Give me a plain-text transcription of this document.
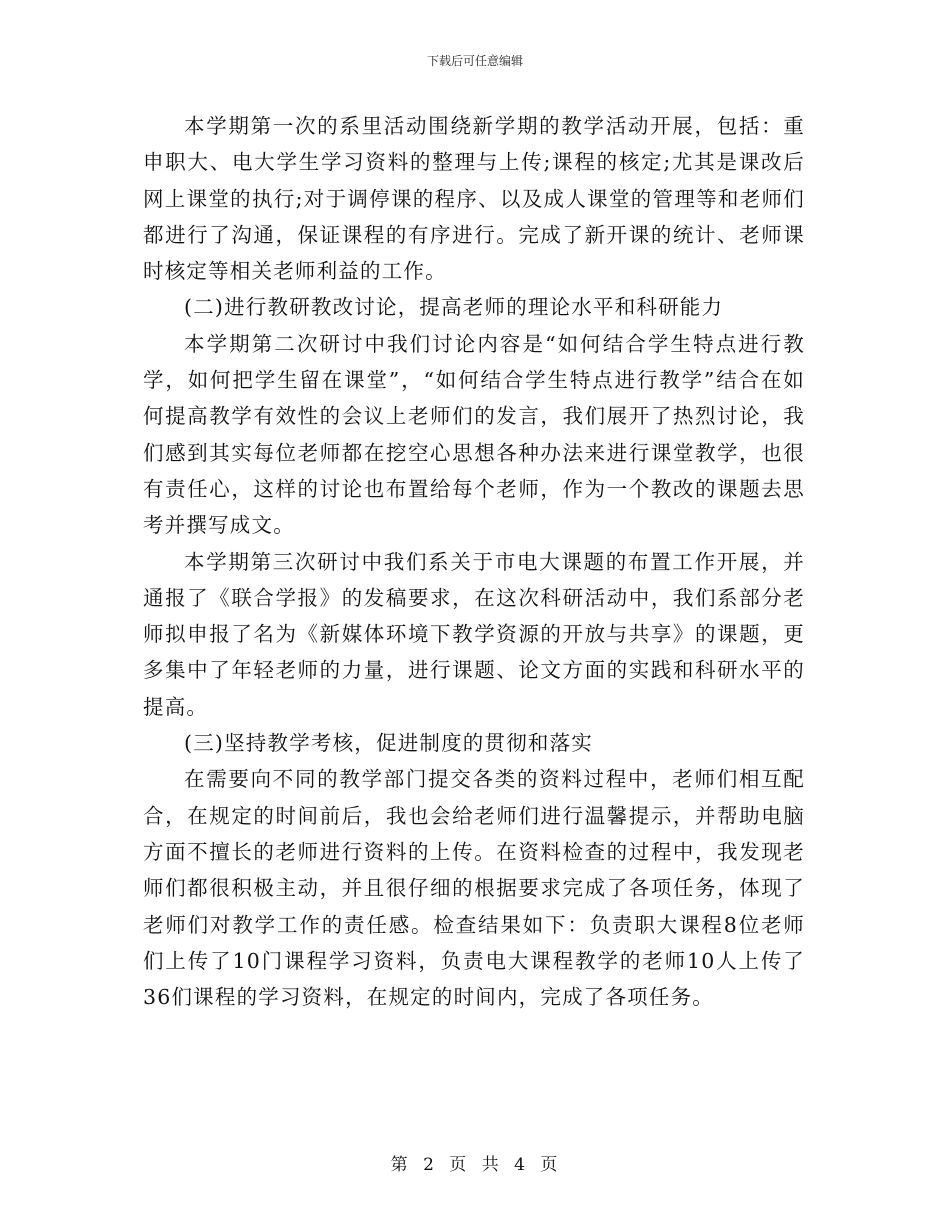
下载后可任意编辑

本学期第一次的系里活动围绕新学期的教学活动开展，包括：重申职大、电大学生学习资料的整理与上传;课程的核定;尤其是课改后网上课堂的执行;对于调停课的程序、以及成人课堂的管理等和老师们都进行了沟通，保证课程的有序进行。完成了新开课的统计、老师课时核定等相关老师利益的工作。

(二)进行教研教改讨论，提高老师的理论水平和科研能力

本学期第二次研讨中我们讨论内容是“如何结合学生特点进行教学，如何把学生留在课堂”，“如何结合学生特点进行教学”结合在如何提高教学有效性的会议上老师们的发言，我们展开了热烈讨论，我们感到其实每位老师都在挖空心思想各种办法来进行课堂教学，也很有责任心，这样的讨论也布置给每个老师，作为一个教改的课题去思考并撰写成文。

本学期第三次研讨中我们系关于市电大课题的布置工作开展，并通报了《联合学报》的发稿要求，在这次科研活动中，我们系部分老师拟申报了名为《新媒体环境下教学资源的开放与共享》的课题，更多集中了年轻老师的力量，进行课题、论文方面的实践和科研水平的提高。

(三)坚持教学考核，促进制度的贯彻和落实

在需要向不同的教学部门提交各类的资料过程中，老师们相互配合，在规定的时间前后，我也会给老师们进行温馨提示，并帮助电脑方面不擅长的老师进行资料的上传。在资料检查的过程中，我发现老师们都很积极主动，并且很仔细的根据要求完成了各项任务，体现了老师们对教学工作的责任感。检查结果如下：负责职大课程8位老师们上传了10门课程学习资料，负责电大课程教学的老师10人上传了36们课程的学习资料，在规定的时间内，完成了各项任务。

第 2 页 共 4 页
